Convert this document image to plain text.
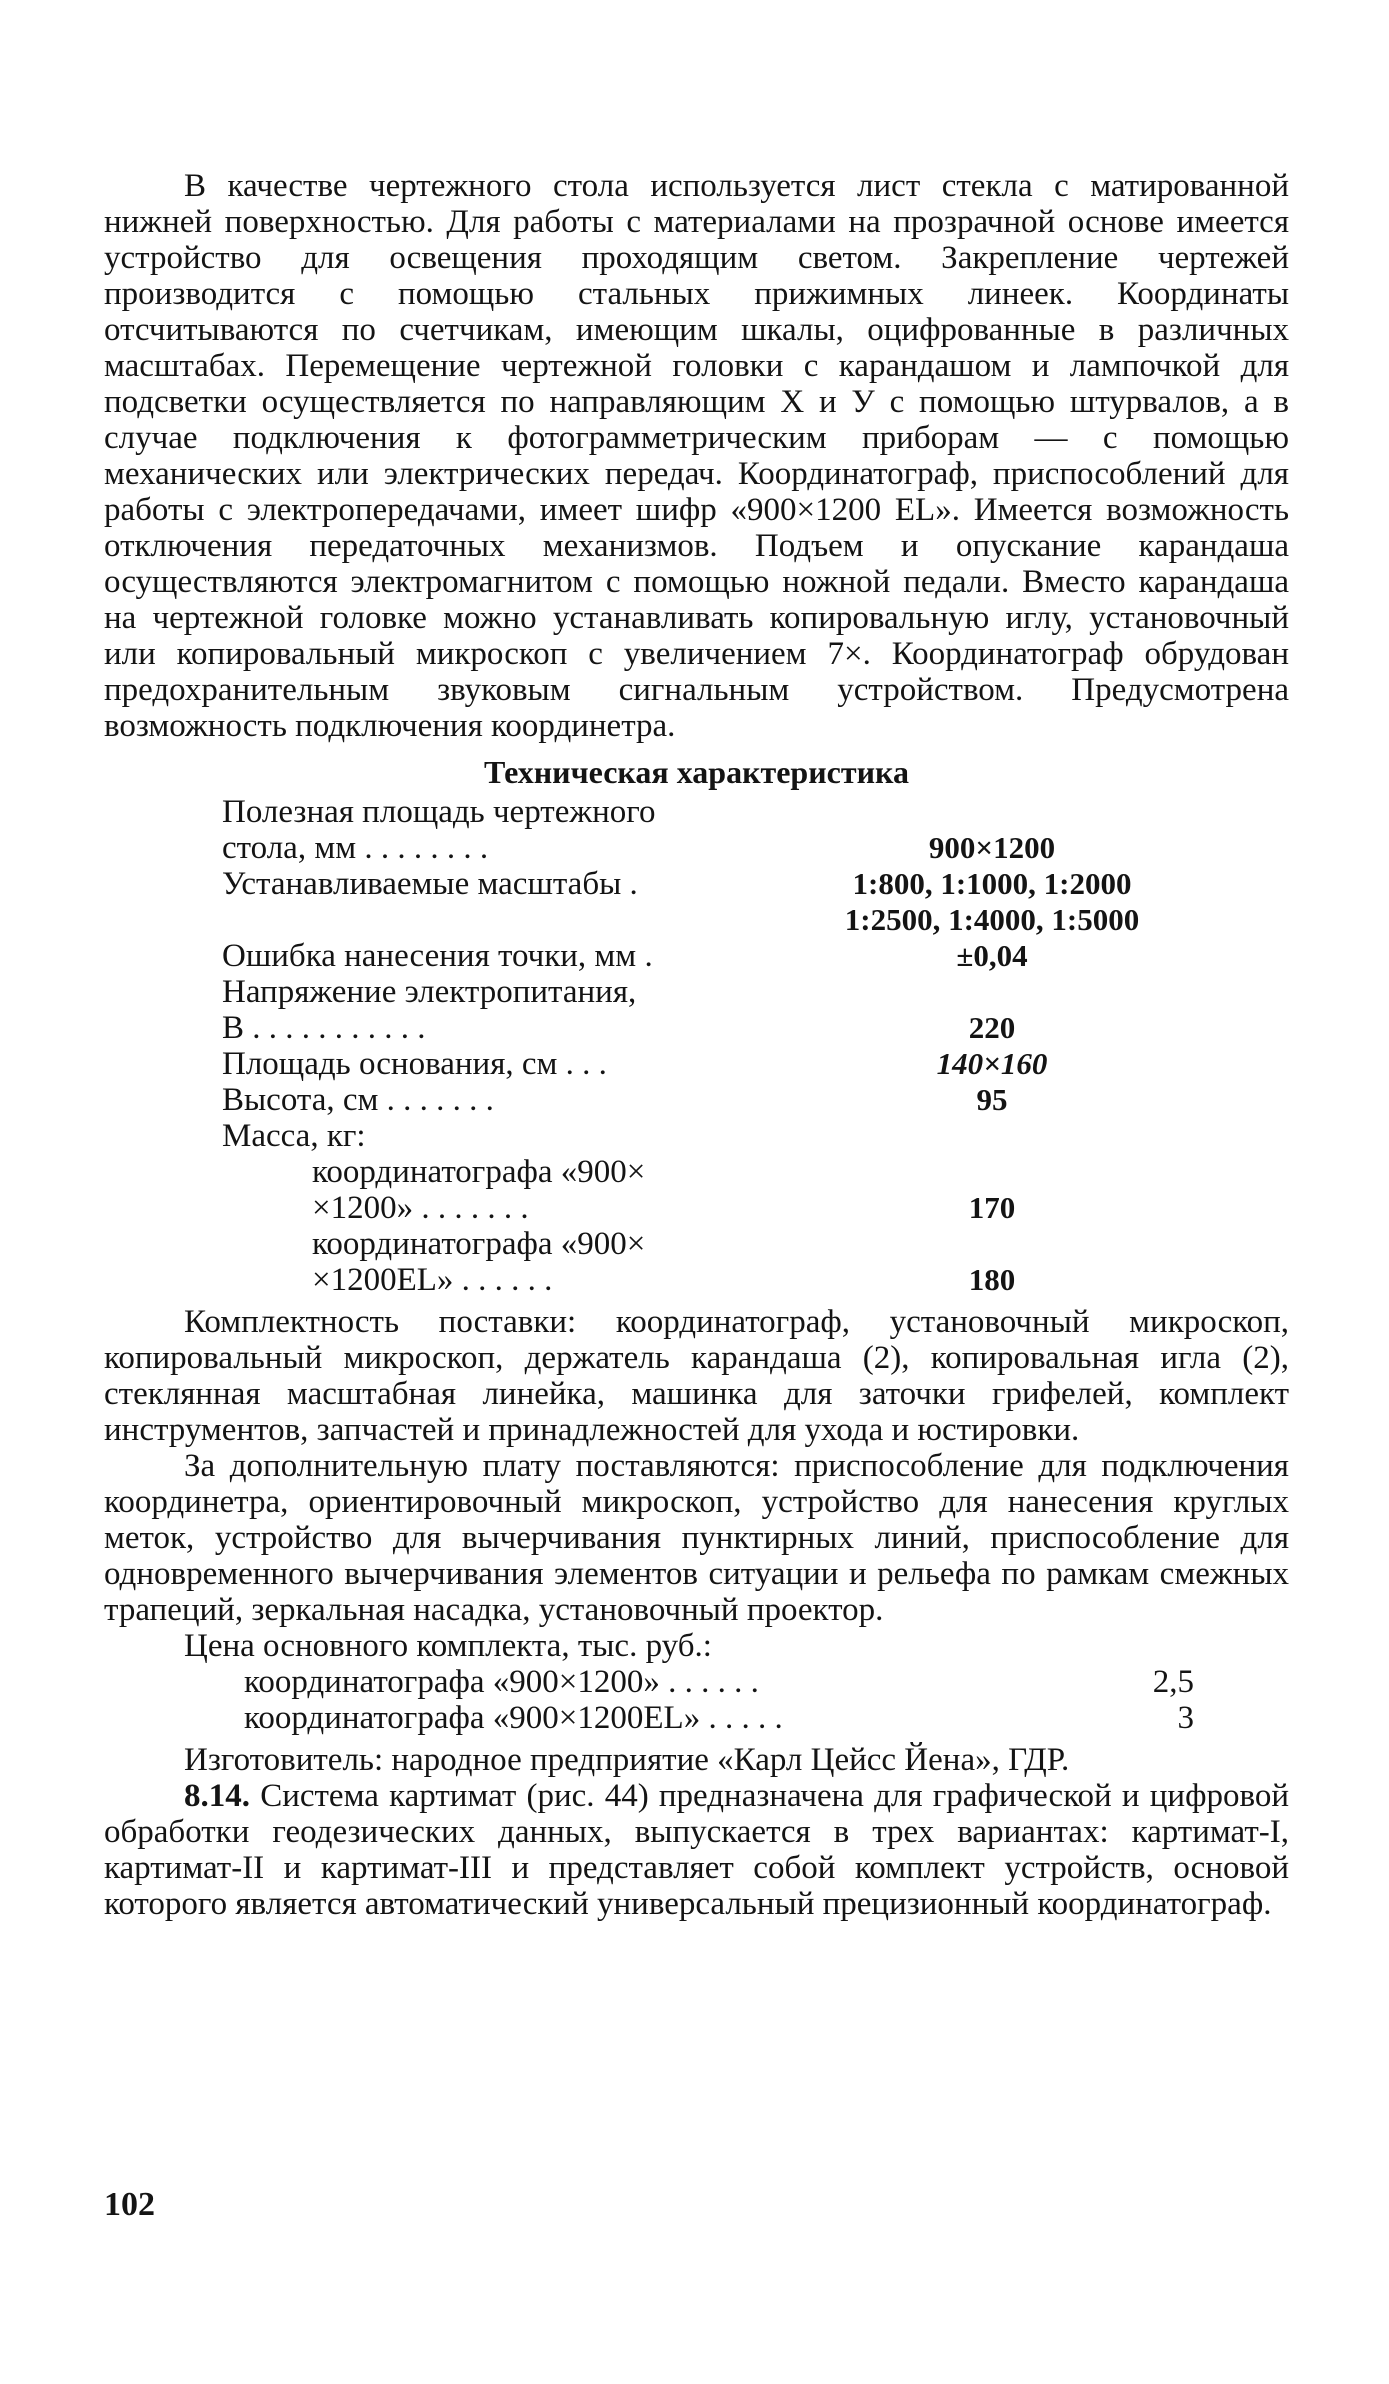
В качестве чертежного стола используется лист стекла с матированной нижней поверхностью. Для работы с материалами на прозрачной основе имеется устройство для освещения проходящим светом. Закрепление чертежей производится с помощью стальных прижимных линеек. Координаты отсчитываются по счетчикам, имеющим шкалы, оцифрованные в различных масштабах. Перемещение чертежной головки с карандашом и лампочкой для подсветки осуществляется по направляющим X и У с помощью штурвалов, а в случае подключения к фотограмметрическим приборам — с помощью механических или электрических передач. Координатограф, приспособлений для работы с электропередачами, имеет шифр «900×1200 EL». Имеется возможность отключения передаточных механизмов. Подъем и опускание карандаша осуществляются электромагнитом с помощью ножной педали. Вместо карандаша на чертежной головке можно устанавливать копировальную иглу, установочный или копировальный микроскоп с увеличением 7×. Координатограф обрудован предохранительным звуковым сигнальным устройством. Предусмотрена возможность подключения координетра.

Техническая характеристика
Полезная площадь чертежного
стола, мм . . . . . . . .	900×1200
Устанавливаемые масштабы .	1:800, 1:1000, 1:2000
1:2500, 1:4000, 1:5000
Ошибка нанесения точки, мм .	±0,04
Напряжение электропитания,
В . . . . . . . . . . .	220
Площадь основания, см . . .	140×160
Высота, см . . . . . . .	95
Масса, кг:
координатографа «900×
×1200» . . . . . . .	170
координатографа «900×
×1200EL» . . . . . .	180

Комплектность поставки: координатограф, установочный микроскоп, копировальный микроскоп, держатель карандаша (2), копировальная игла (2), стеклянная масштабная линейка, машинка для заточки грифелей, комплект инструментов, запчастей и принадлежностей для ухода и юстировки.

За дополнительную плату поставляются: приспособление для подключения координетра, ориентировочный микроскоп, устройство для нанесения круглых меток, устройство для вычерчивания пунктирных линий, приспособление для одновременного вычерчивания элементов ситуации и рельефа по рамкам смежных трапеций, зеркальная насадка, установочный проектор.

Цена основного комплекта, тыс. руб.:
координатографа «900×1200» . . . . . .	2,5
координатографа «900×1200EL» . . . . .	3

Изготовитель: народное предприятие «Карл Цейсс Йена», ГДР.

8.14. Система картимат (рис. 44) предназначена для графической и цифровой обработки геодезических данных, выпускается в трех вариантах: картимат-I, картимат-II и картимат-III и представляет собой комплект устройств, основой которого является автоматический универсальный прецизионный координатограф.

102
